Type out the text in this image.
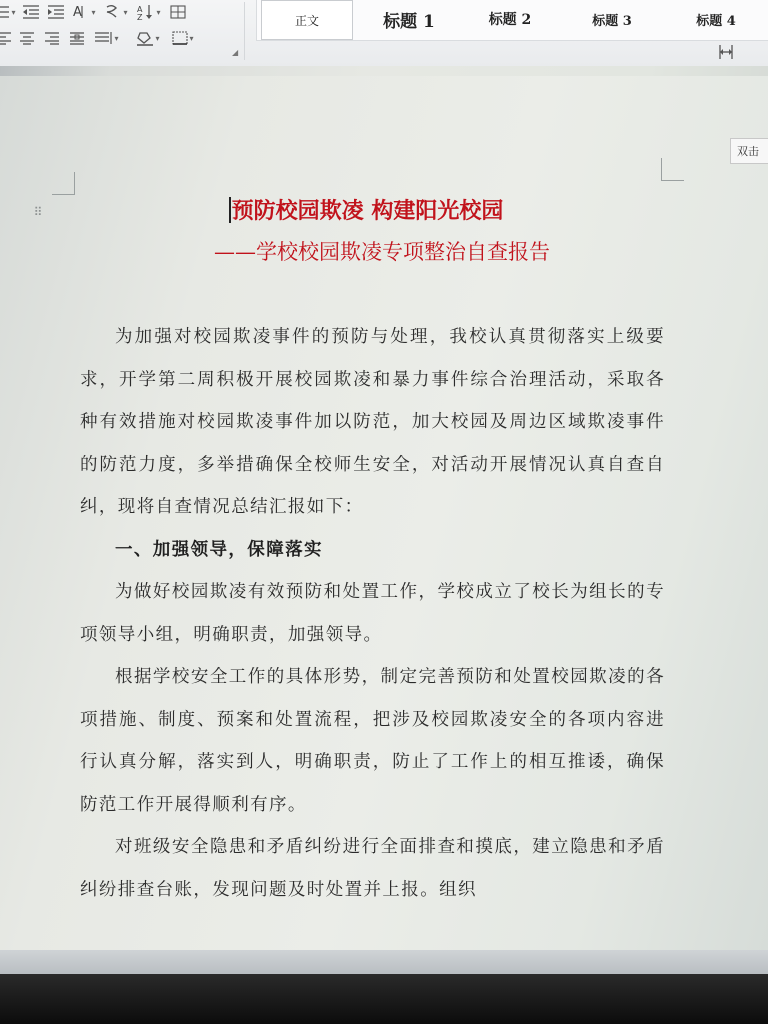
▾	A ▾	▾ A
Z
▾
▾	▾	▾
◢
正文	标题 1	标题 2	标题 3	标题 4
⠿	预防校园欺凌 构建阳光校园
——学校校园欺凌专项整治自查报告

为加强对校园欺凌事件的预防与处理，我校认真贯彻落实上级要求，开学第二周积极开展校园欺凌和暴力事件综合治理活动，采取各种有效措施对校园欺凌事件加以防范，加大校园及周边区域欺凌事件的防范力度，多举措确保全校师生安全，对活动开展情况认真自查自纠，现将自查情况总结汇报如下：

一、加强领导，保障落实

为做好校园欺凌有效预防和处置工作，学校成立了校长为组长的专项领导小组，明确职责，加强领导。

根据学校安全工作的具体形势，制定完善预防和处置校园欺凌的各项措施、制度、预案和处置流程，把涉及校园欺凌安全的各项内容进行认真分解，落实到人，明确职责，防止了工作上的相互推诿，确保防范工作开展得顺利有序。

对班级安全隐患和矛盾纠纷进行全面排查和摸底，建立隐患和矛盾纠纷排查台账，发现问题及时处置并上报。组织

双击
